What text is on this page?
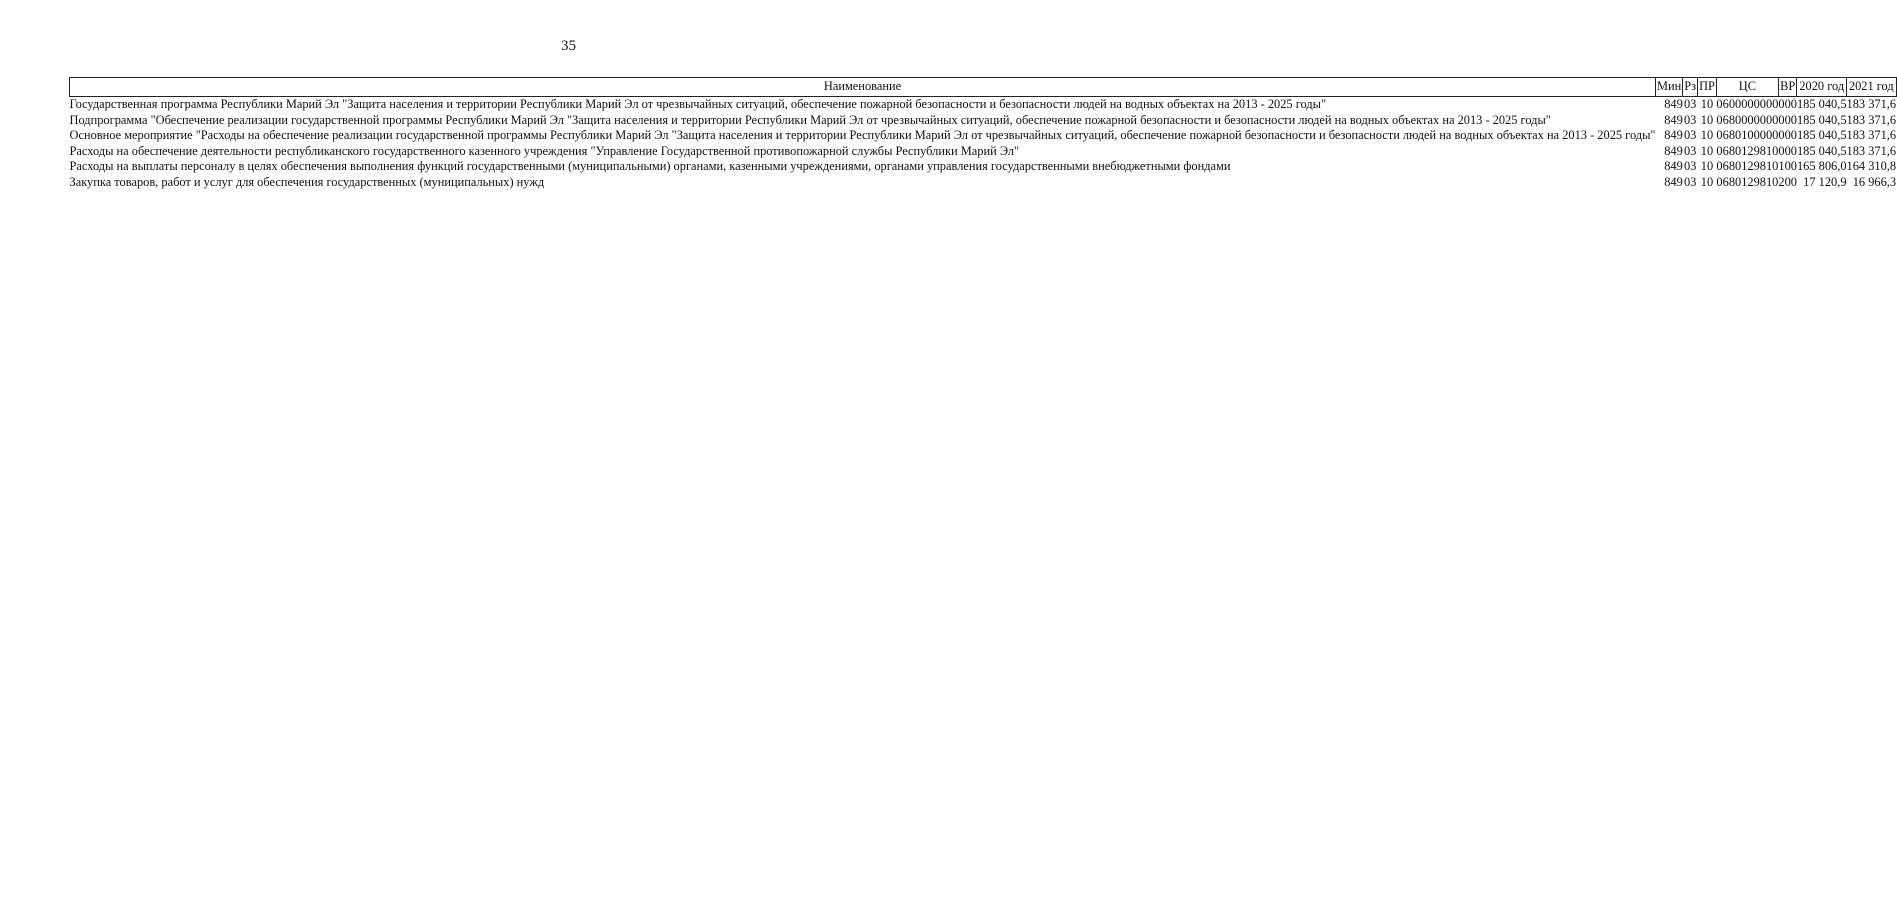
35
Наименование	Мин	Рз	ПР	ЦС	ВР	2020 год	2021 год
Государственная программа Республики Марий Эл "Защита населения и территории Республики Марий Эл от чрезвычайных ситуаций, обеспечение пожарной безопасности и безопасности людей на водных объектах на 2013 - 2025 годы"	849	03	10	0600000000	000	185 040,5	183 371,6
Подпрограмма "Обеспечение реализации государственной программы Республики Марий Эл "Защита населения и территории Республики Марий Эл от чрезвычайных ситуаций, обеспечение пожарной безопасности и безопасности людей на водных объектах на 2013 - 2025 годы"	849	03	10	0680000000	000	185 040,5	183 371,6
Основное мероприятие "Расходы на обеспечение реализации государственной программы Республики Марий Эл "Защита населения и территории Республики Марий Эл от чрезвычайных ситуаций, обеспечение пожарной безопасности и безопасности людей на водных объектах на 2013 - 2025 годы"	849	03	10	0680100000	000	185 040,5	183 371,6
Расходы на обеспечение деятельности республиканского государственного казенного учреждения "Управление Государственной противопожарной службы Республики Марий Эл"	849	03	10	0680129810	000	185 040,5	183 371,6
Расходы на выплаты персоналу в целях обеспечения выполнения функций государственными (муниципальными) органами, казенными учреждениями, органами управления государственными внебюджетными фондами	849	03	10	0680129810	100	165 806,0	164 310,8
Закупка товаров, работ и услуг для обеспечения государственных (муниципальных) нужд	849	03	10	0680129810	200	17 120,9	16 966,3
